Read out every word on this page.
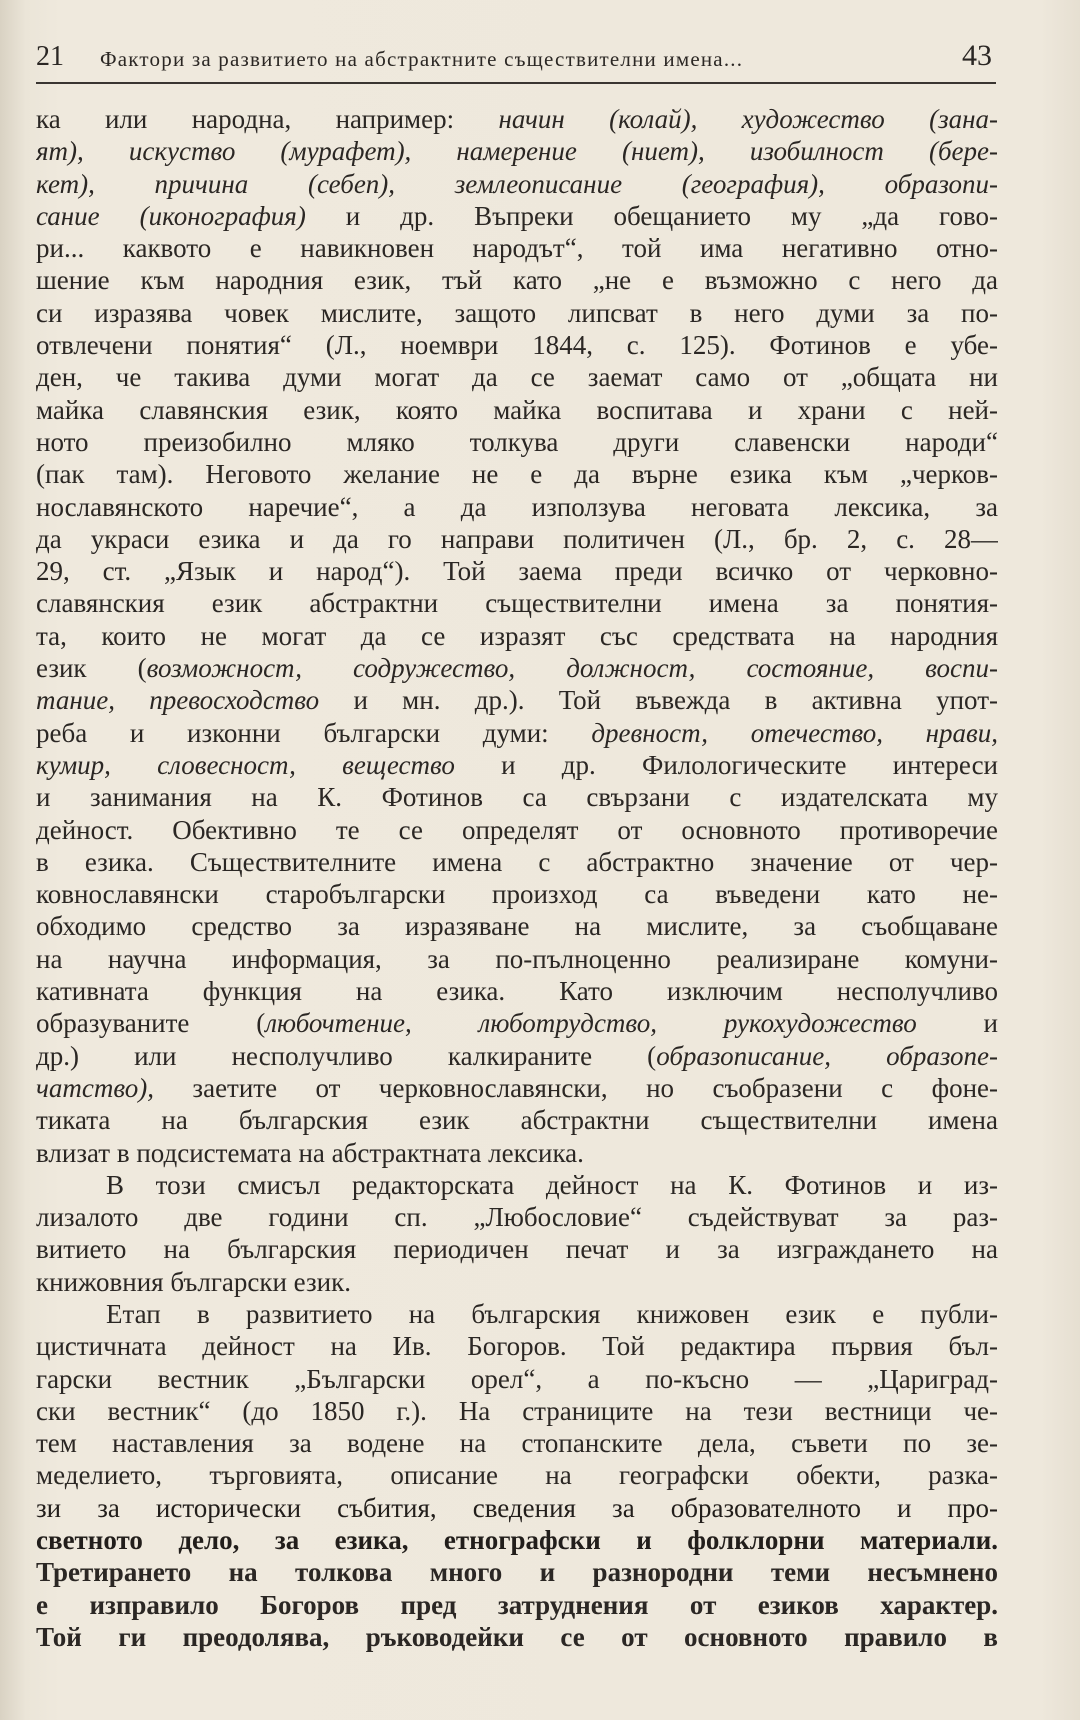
21 Фактори за развитието на абстрактните съществителни имена...	43
ка или народна, например: начин (колай), художество (зана-
ят), искуство (мурафет), намерение (ниет), изобилност (бере-
кет), причина (себеп), землеописание (география), образопи-
сание (иконография) и др. Въпреки обещанието му „да гово-
ри... каквото е навикновен народът“, той има негативно отно-
шение към народния език, тъй като „не е възможно с него да
си изразява човек мислите, защото липсват в него думи за по-
отвлечени понятия“ (Л., ноември 1844, с. 125). Фотинов е убе-
ден, че такива думи могат да се заемат само от „общата ни
майка славянския език, която майка воспитава и храни с ней-
ното преизобилно мляко толкува други славенски народи“
(пак там). Неговото желание не е да върне езика към „черков-
нославянското наречие“, а да използува неговата лексика, за
да украси езика и да го направи политичен (Л., бр. 2, с. 28—
29, ст. „Язык и народ“). Той заема преди всичко от черковно-
славянския език абстрактни съществителни имена за понятия-
та, които не могат да се изразят със средствата на народния
език (возможност, содружество, должност, состояние, воспи-
тание, превосходство и мн. др.). Той въвежда в активна упот-
реба и изконни български думи: древност, отечество, нрави,
кумир, словесност, вещество и др. Филологическите интереси
и занимания на К. Фотинов са свързани с издателската му
дейност. Обективно те се определят от основното противоречие
в езика. Съществителните имена с абстрактно значение от чер-
ковнославянски старобългарски произход са въведени като не-
обходимо средство за изразяване на мислите, за съобщаване
на научна информация, за по-пълноценно реализиране комуни-
кативната функция на езика. Като изключим несполучливо
образуваните (любочтение, люботрудство, рукохудожество и
др.) или несполучливо калкираните (образописание, образопе-
чатство), заетите от черковнославянски, но съобразени с фоне-
тиката на българския език абстрактни съществителни имена
влизат в подсистемата на абстрактната лексика.
В този смисъл редакторската дейност на К. Фотинов и из-
лизалото две години сп. „Любословие“ съдействуват за раз-
витието на българския периодичен печат и за изграждането на
книжовния български език.
Етап в развитието на българския книжовен език е публи-
цистичната дейност на Ив. Богоров. Той редактира първия бъл-
гарски вестник „Български орел“, а по-късно — „Цариград-
ски вестник“ (до 1850 г.). На страниците на тези вестници че-
тем наставления за водене на стопанските дела, съвети по зе-
меделието, търговията, описание на географски обекти, разка-
зи за исторически събития, сведения за образователното и про-
светното дело, за езика, етнографски и фолклорни материали.
Третирането на толкова много и разнородни теми несъмнено
е изправило Богоров пред затруднения от езиков характер.
Той ги преодолява, ръководейки се от основното правило в
